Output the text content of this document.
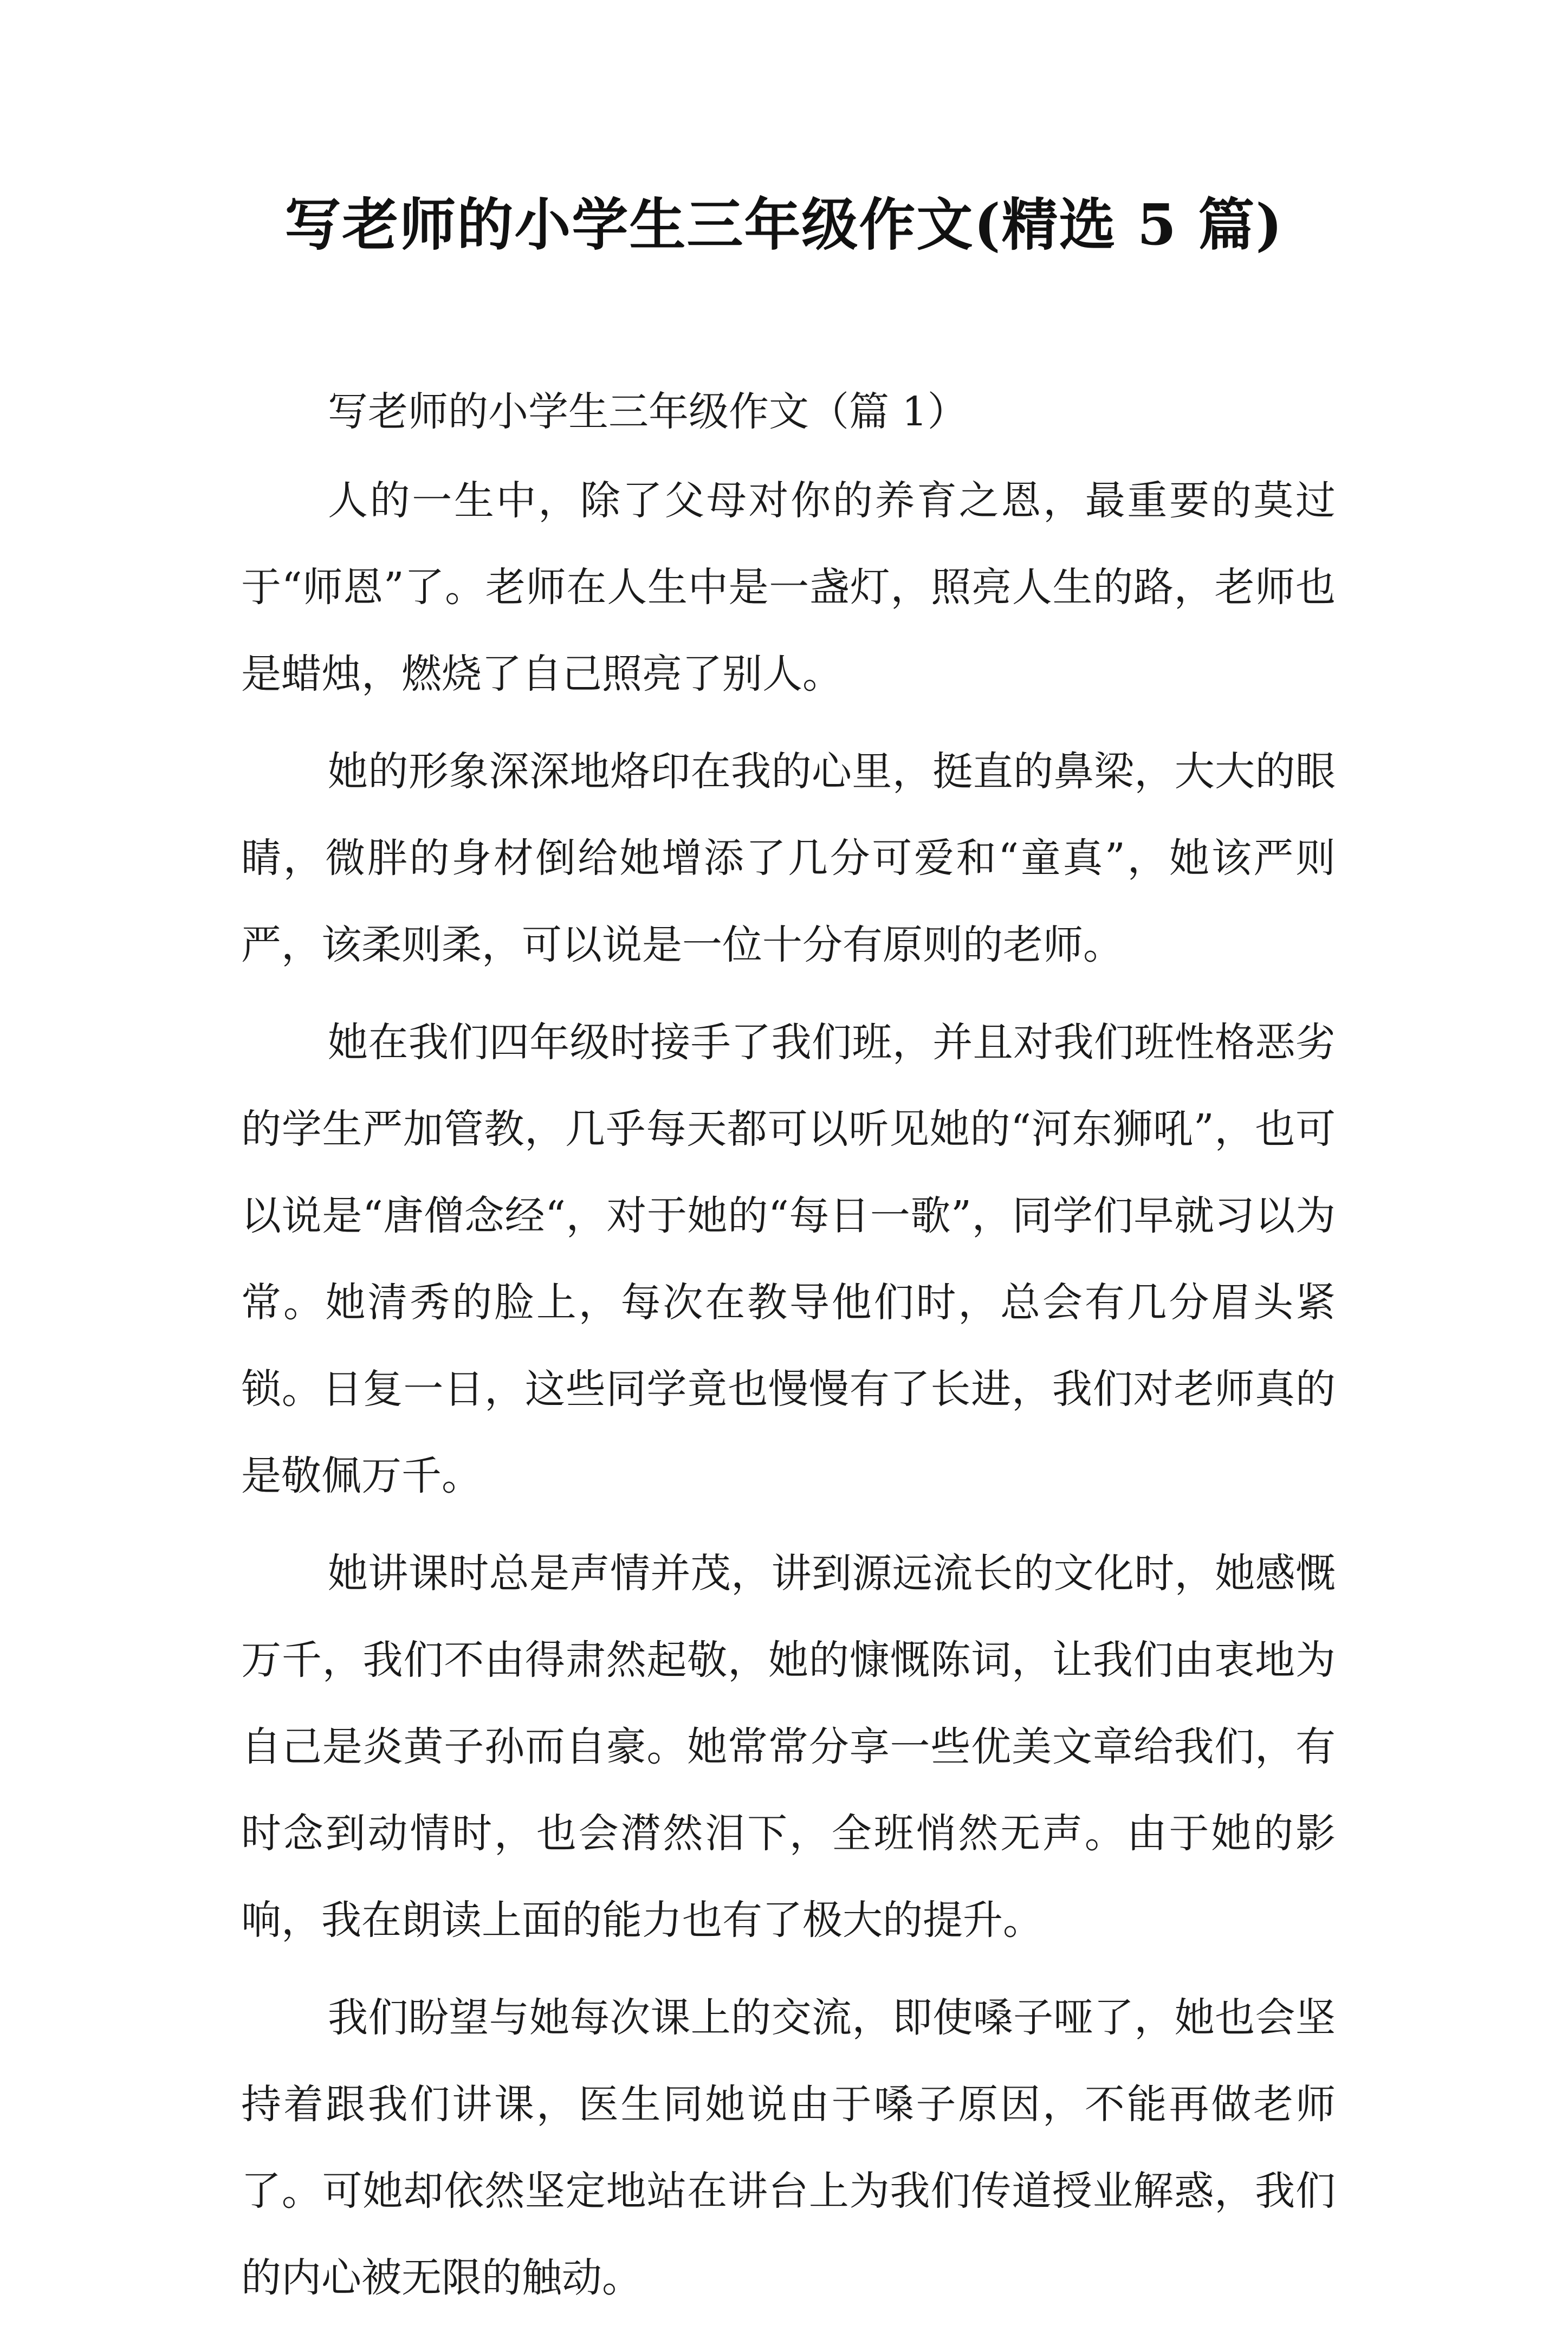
写老师的小学生三年级作文(精选 5 篇)

写老师的小学生三年级作文（篇 1）

人的一生中，除了父母对你的养育之恩，最重要的莫过于“师恩”了。老师在人生中是一盏灯，照亮人生的路，老师也是蜡烛，燃烧了自己照亮了别人。

她的形象深深地烙印在我的心里，挺直的鼻梁，大大的眼睛，微胖的身材倒给她增添了几分可爱和“童真”，她该严则严，该柔则柔，可以说是一位十分有原则的老师。

她在我们四年级时接手了我们班，并且对我们班性格恶劣的学生严加管教，几乎每天都可以听见她的“河东狮吼”，也可以说是“唐僧念经“，对于她的“每日一歌”，同学们早就习以为常。她清秀的脸上，每次在教导他们时，总会有几分眉头紧锁。日复一日，这些同学竟也慢慢有了长进，我们对老师真的是敬佩万千。

她讲课时总是声情并茂，讲到源远流长的文化时，她感慨万千，我们不由得肃然起敬，她的慷慨陈词，让我们由衷地为自己是炎黄子孙而自豪。她常常分享一些优美文章给我们，有时念到动情时，也会潸然泪下，全班悄然无声。由于她的影响，我在朗读上面的能力也有了极大的提升。

我们盼望与她每次课上的交流，即使嗓子哑了，她也会坚持着跟我们讲课，医生同她说由于嗓子原因，不能再做老师了。可她却依然坚定地站在讲台上为我们传道授业解惑，我们的内心被无限的触动。
